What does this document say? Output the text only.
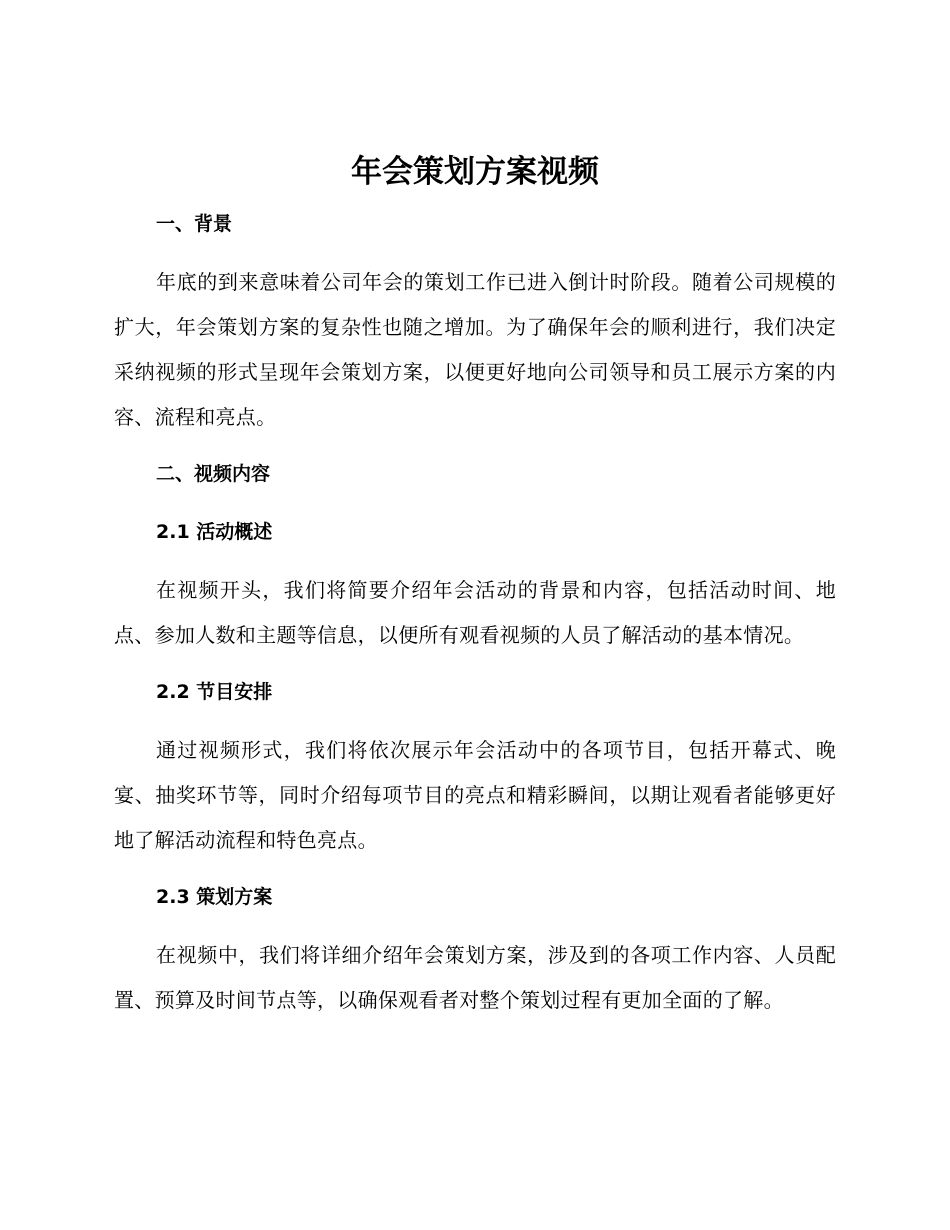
年会策划方案视频
一、背景

年底的到来意味着公司年会的策划工作已进入倒计时阶段。随着公司规模的扩大，年会策划方案的复杂性也随之增加。为了确保年会的顺利进行，我们决定采纳视频的形式呈现年会策划方案，以便更好地向公司领导和员工展示方案的内容、流程和亮点。

二、视频内容
2.1 活动概述

在视频开头，我们将简要介绍年会活动的背景和内容，包括活动时间、地点、参加人数和主题等信息，以便所有观看视频的人员了解活动的基本情况。

2.2 节目安排

通过视频形式，我们将依次展示年会活动中的各项节目，包括开幕式、晚宴、抽奖环节等，同时介绍每项节目的亮点和精彩瞬间，以期让观看者能够更好地了解活动流程和特色亮点。

2.3 策划方案

在视频中，我们将详细介绍年会策划方案，涉及到的各项工作内容、人员配置、预算及时间节点等，以确保观看者对整个策划过程有更加全面的了解。
